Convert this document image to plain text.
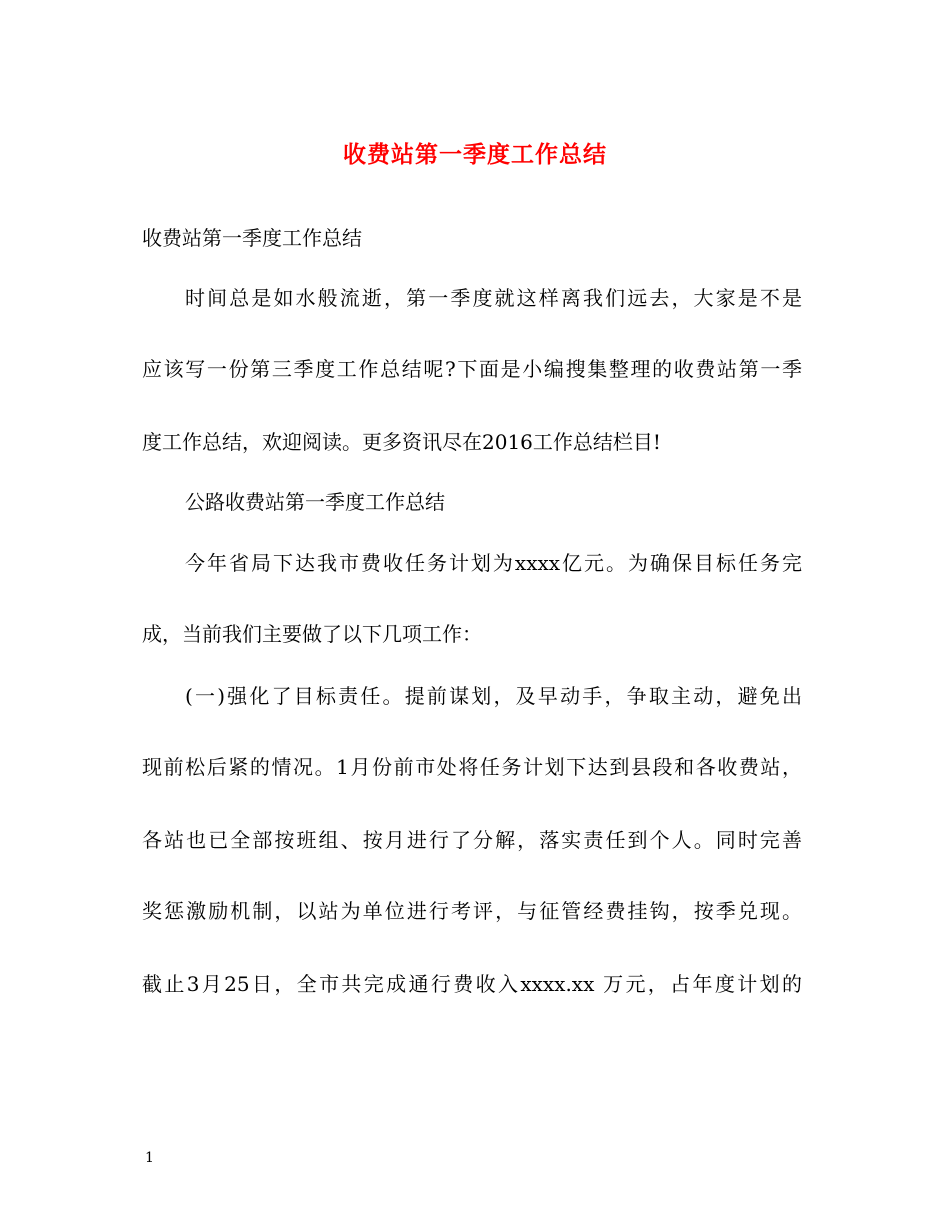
收费站第一季度工作总结
收费站第一季度工作总结
时间总是如水般流逝，第一季度就这样离我们远去，大家是不是
应该写一份第三季度工作总结呢?下面是小编搜集整理的收费站第一季
度工作总结，欢迎阅读。更多资讯尽在2016工作总结栏目!
公路收费站第一季度工作总结
今年省局下达我市费收任务计划为xxxx亿元。为确保目标任务完
成，当前我们主要做了以下几项工作：
(一)强化了目标责任。提前谋划，及早动手，争取主动，避免出
现前松后紧的情况。1月份前市处将任务计划下达到县段和各收费站，
各站也已全部按班组、按月进行了分解，落实责任到个人。同时完善
奖惩激励机制，以站为单位进行考评，与征管经费挂钩，按季兑现。
截止3月25日，全市共完成通行费收入xxxx.xx 万元，占年度计划的
1
